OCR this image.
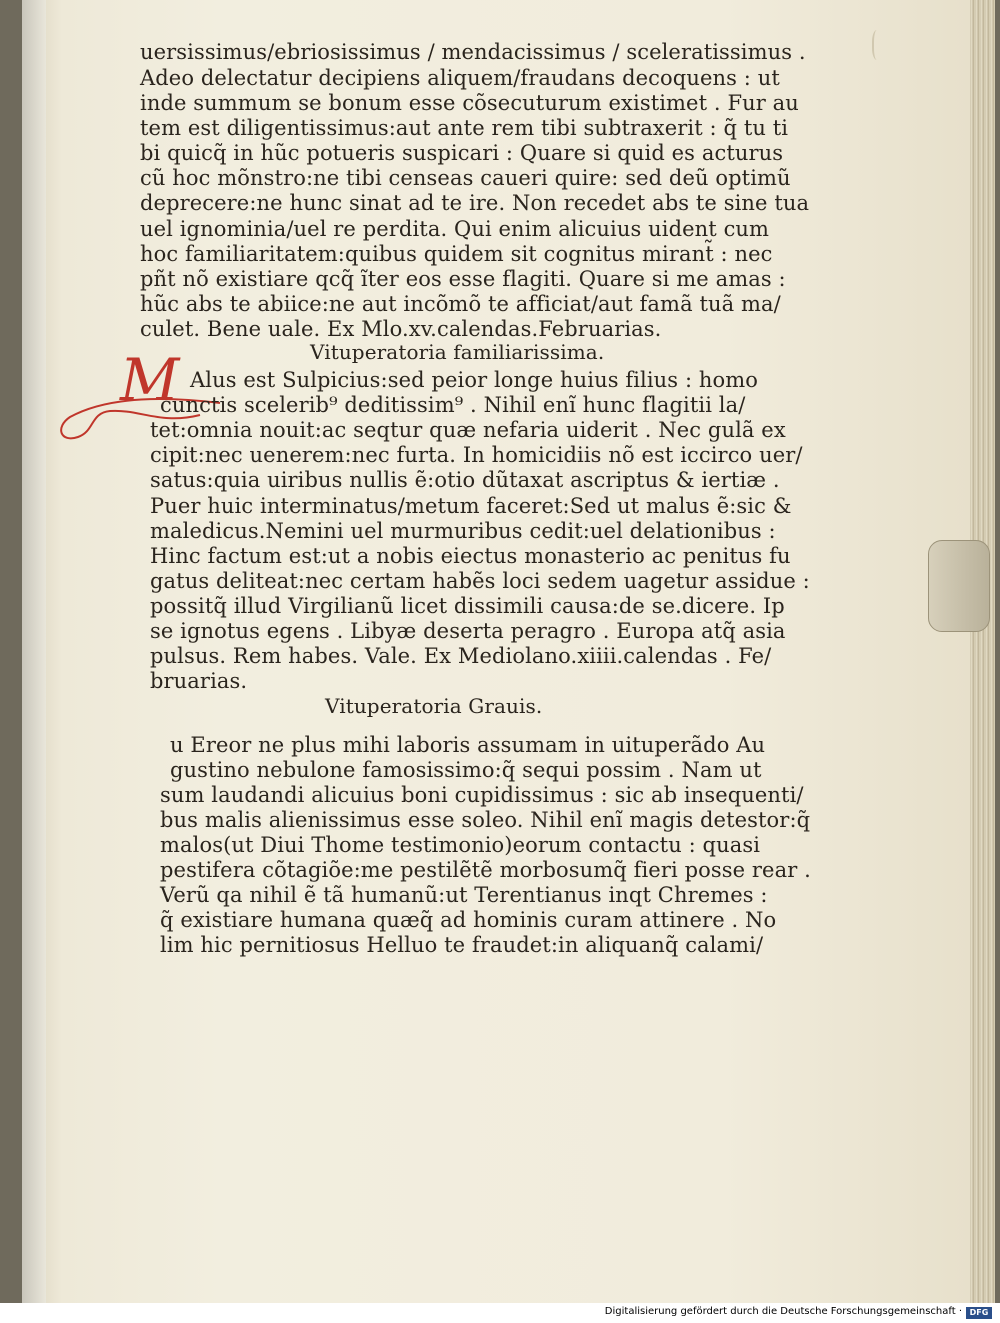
M
uersissimus/ebriosissimus / mendacissimus / sceleratissimus .
Adeo delectatur decipiens aliquem/fraudans decoquens : ut
inde summum se bonum esse cõsecuturum existimet . Fur au
tem est diligentissimus:aut ante rem tibi subtraxerit : q̃ tu ti
bi quicq̃ in hũc potueris suspicari : Quare si quid es acturus
cũ hoc mõnstro:ne tibi censeas caueri quire: sed deũ optimũ
deprecere:ne hunc sinat ad te ire. Non recedet abs te sine tua
uel ignominia/uel re perdita. Qui enim alicuius uident cum
hoc familiaritatem:quibus quidem sit cognitus mirant̃ : nec
pñt nõ existiare qcq̃ ĩter eos esse flagiti. Quare si me amas :
hũc abs te abiice:ne aut incõmõ te afficiat/aut famã tuã ma/
culet. Bene uale. Ex Mlo.xv.calendas.Februarias.
Vituperatoria familiarissima.
Alus est Sulpicius:sed peior longe huius filius : homo
cunctis scelerib⁹ deditissim⁹ . Nihil enĩ hunc flagitii la/
tet:omnia nouit:ac seqtur quæ nefaria uiderit . Nec gulã ex
cipit:nec uenerem:nec furta. In homicidiis nõ est iccirco uer/
satus:quia uiribus nullis ẽ:otio dũtaxat ascriptus & iertiæ .
Puer huic interminatus/metum faceret:Sed ut malus ẽ:sic &
maledicus.Nemini uel murmuribus cedit:uel delationibus :
Hinc factum est:ut a nobis eiectus monasterio ac penitus fu
gatus deliteat:nec certam habẽs loci sedem uagetur assidue :
possitq̃ illud Virgilianũ licet dissimili causa:de se.dicere. Ip
se ignotus egens . Libyæ deserta peragro . Europa atq̃ asia
pulsus. Rem habes. Vale. Ex Mediolano.xiiii.calendas . Fe/
bruarias.
Vituperatoria Grauis.
u Ereor ne plus mihi laboris assumam in uituperãdo Au
gustino nebulone famosissimo:q̃ sequi possim . Nam ut
sum laudandi alicuius boni cupidissimus : sic ab insequenti/
bus malis alienissimus esse soleo. Nihil enĩ magis detestor:q̃
malos(ut Diui Thome testimonio)eorum contactu : quasi
pestifera cõtagiõe:me pestilẽtẽ morbosumq̃ fieri posse rear .
Verũ qa nihil ẽ tã humanũ:ut Terentianus inqt Chremes :
q̃ existiare humana quæq̃ ad hominis curam attinere . No
lim hic pernitiosus Helluo te fraudet:in aliquanq̃ calami/
Digitalisierung gefördert durch die Deutsche Forschungsgemeinschaft · DFG
